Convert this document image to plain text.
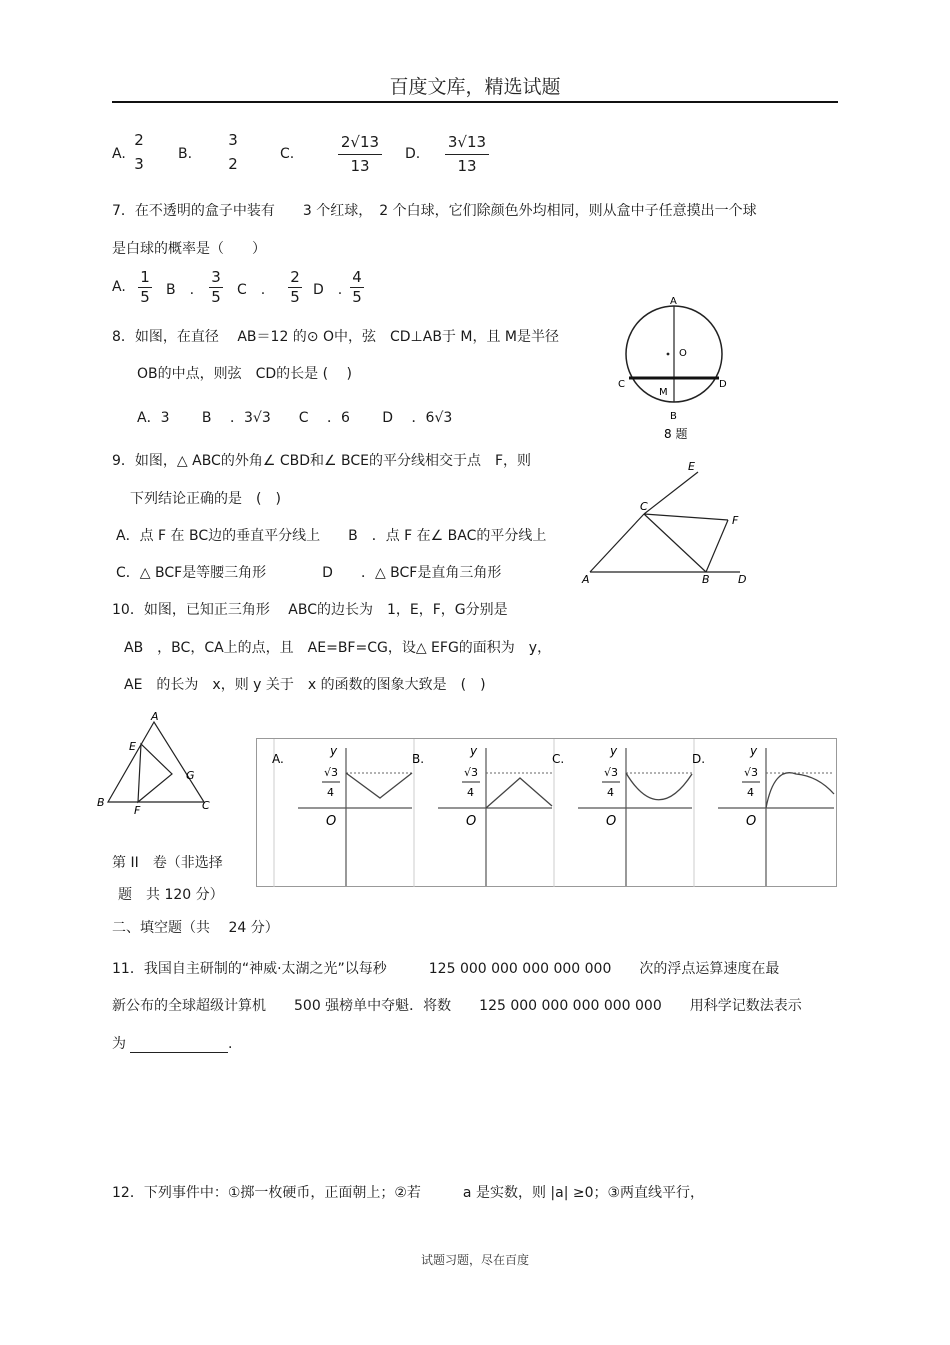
百度文库，精选试题
A.
2
3
B.
3
2
C.
2√13
13
D.
3√13
13
7．在不透明的盒子中装有　　3 个红球，　2 个白球，它们除颜色外均相同，则从盒中子任意摸出一个球
是白球的概率是（　　）
A.
1
5 B　.
3
5 C　.
2
5 D　.
4
5
8．如图，在直径　 AB＝12 的⊙ O中，弦　CD⊥AB于 M，且 M是半径
OB的中点，则弦　CD的长是 (　 )
A．3　　 B　 ．3√3　　C　 ．6　　 D　 ．6√3
A
O
C
M
D
B
8 题
9．如图，△ ABC的外角∠ CBD和∠ BCE的平分线相交于点　F，则
下列结论正确的是　(　)
A．点 F 在 BC边的垂直平分线上　　B　．点 F 在∠ BAC的平分线上
C．△ BCF是等腰三角形　　　　D　　．△ BCF是直角三角形
E
C
F
A	B	D
10．如图，已知正三角形　 ABC的边长为　1，E，F，G分别是
AB　，BC，CA上的点，且　AE=BF=CG，设△ EFG的面积为　y，
AE　的长为　x，则 y 关于　x 的函数的图象大致是　(　)
A
E
G
B
F	C
A.
y
√3
4
O
B.
y
√3
4
O
C.
y
√3
4
O
D.
y
√3
4
O
第 II　卷（非选择
题　共 120 分）
二、填空题（共　 24 分）
11．我国自主研制的“神威·太湖之光”以每秒　　　125 000 000 000 000 000　　次的浮点运算速度在最
新公布的全球超级计算机　　500 强榜单中夺魁．将数　　125 000 000 000 000 000　　用科学记数法表示
为	.
12．下列事件中：①掷一枚硬币，正面朝上；②若　　　a 是实数，则 |a| ≥0；③两直线平行，
试题习题，尽在百度
